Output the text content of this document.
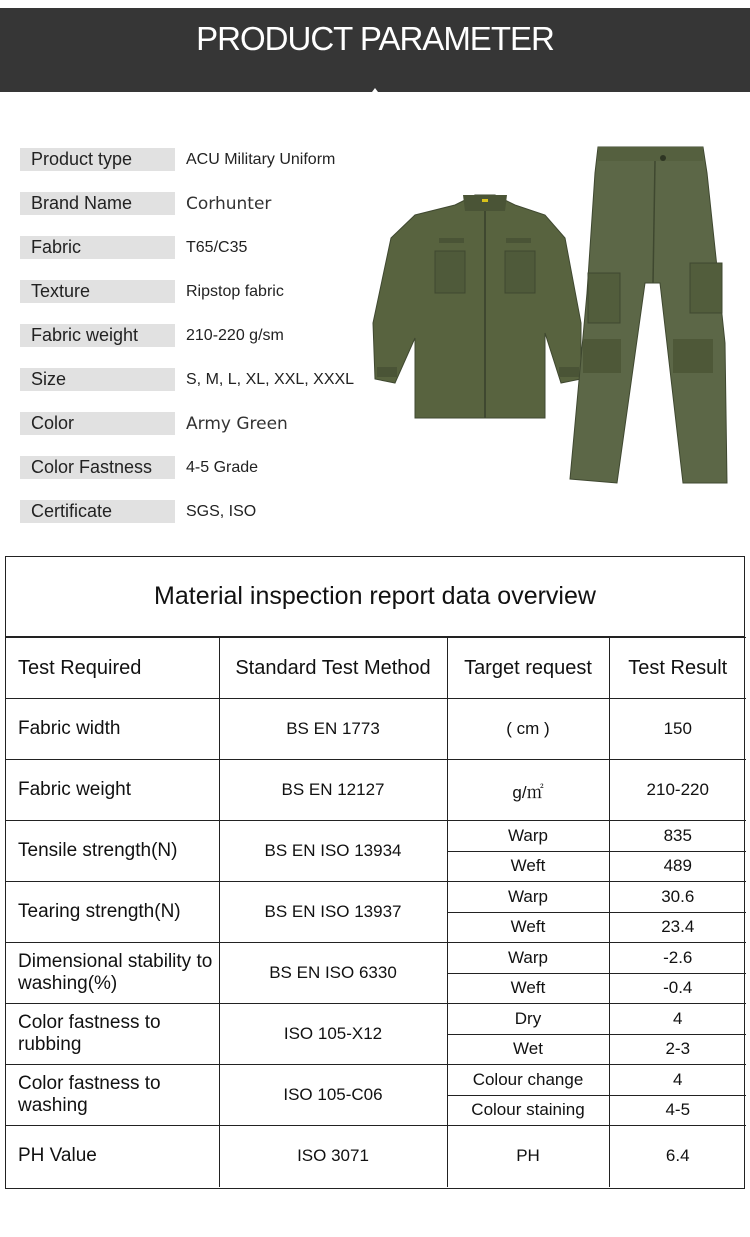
PRODUCT PARAMETER
Product type	ACU Military Uniform
Brand Name	Corhunter
Fabric	T65/C35
Texture	Ripstop fabric
Fabric weight	210-220 g/sm
Size	S, M, L, XL, XXL, XXXL
Color	Army Green
Color Fastness	4-5 Grade
Certificate	SGS, ISO
Material inspection report data overview
Test Required	Standard Test Method	Target request	Test Result
Fabric width	BS EN 1773	( cm )	150
Fabric weight	BS EN 12127	g/㎡	210-220
Tensile strength(N)	BS EN ISO 13934	Warp	835
		Weft	489
Tearing strength(N)	BS EN ISO 13937	Warp	30.6
		Weft	23.4
Dimensional stability to washing(%)	BS EN ISO 6330	Warp	-2.6
		Weft	-0.4
Color fastness to rubbing	ISO 105-X12	Dry	4
		Wet	2-3
Color fastness to washing	ISO 105-C06	Colour change	4
		Colour staining	4-5
PH Value	ISO 3071	PH	6.4
